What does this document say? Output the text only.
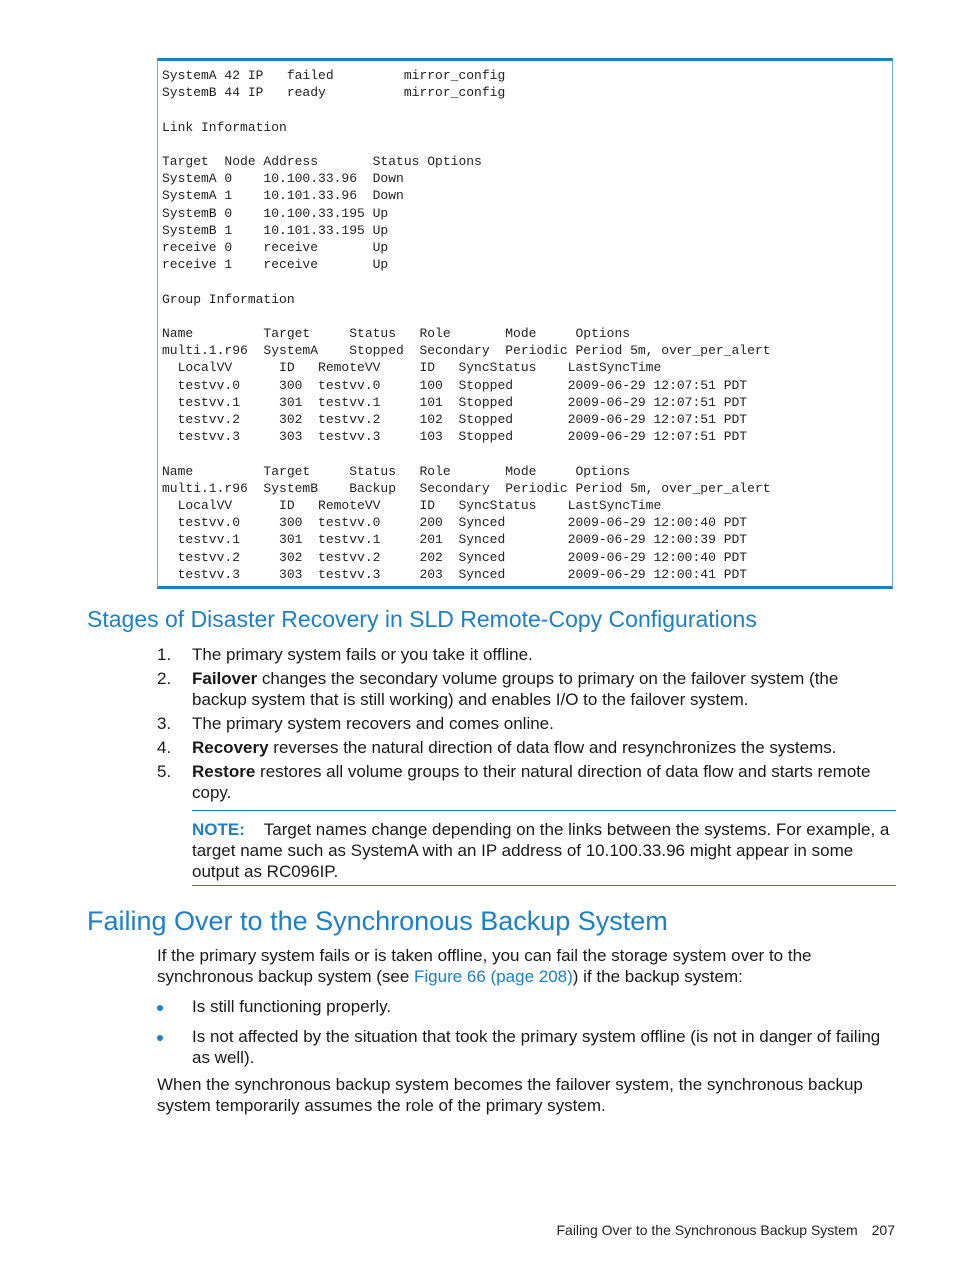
SystemA 42 IP   failed         mirror_config
SystemB 44 IP   ready          mirror_config

Link Information

Target  Node Address       Status Options
SystemA 0    10.100.33.96  Down
SystemA 1    10.101.33.96  Down
SystemB 0    10.100.33.195 Up
SystemB 1    10.101.33.195 Up
receive 0    receive       Up
receive 1    receive       Up

Group Information

Name         Target     Status   Role       Mode     Options
multi.1.r96  SystemA    Stopped  Secondary  Periodic Period 5m, over_per_alert
LocalVV      ID   RemoteVV     ID   SyncStatus    LastSyncTime
testvv.0     300  testvv.0     100  Stopped       2009-06-29 12:07:51 PDT
testvv.1     301  testvv.1     101  Stopped       2009-06-29 12:07:51 PDT
testvv.2     302  testvv.2     102  Stopped       2009-06-29 12:07:51 PDT
testvv.3     303  testvv.3     103  Stopped       2009-06-29 12:07:51 PDT

Name         Target     Status   Role       Mode     Options
multi.1.r96  SystemB    Backup   Secondary  Periodic Period 5m, over_per_alert
LocalVV      ID   RemoteVV     ID   SyncStatus    LastSyncTime
testvv.0     300  testvv.0     200  Synced        2009-06-29 12:00:40 PDT
testvv.1     301  testvv.1     201  Synced        2009-06-29 12:00:39 PDT
testvv.2     302  testvv.2     202  Synced        2009-06-29 12:00:40 PDT
testvv.3     303  testvv.3     203  Synced        2009-06-29 12:00:41 PDT
Stages of Disaster Recovery in SLD Remote-Copy Configurations
1. The primary system fails or you take it offline.

2. Failover changes the secondary volume groups to primary on the failover system (the backup system that is still working) and enables I/O to the failover system.

3. The primary system recovers and comes online.

4. Recovery reverses the natural direction of data flow and resynchronizes the systems.

5. Restore restores all volume groups to their natural direction of data flow and starts remote copy.

NOTE: Target names change depending on the links between the systems. For example, a target name such as SystemA with an IP address of 10.100.33.96 might appear in some output as RC096IP.

Failing Over to the Synchronous Backup System

If the primary system fails or is taken offline, you can fail the storage system over to the synchronous backup system (see Figure 66 (page 208)) if the backup system:

Is still functioning properly.

Is not affected by the situation that took the primary system offline (is not in danger of failing as well).

When the synchronous backup system becomes the failover system, the synchronous backup system temporarily assumes the role of the primary system.

Failing Over to the Synchronous Backup System 207
